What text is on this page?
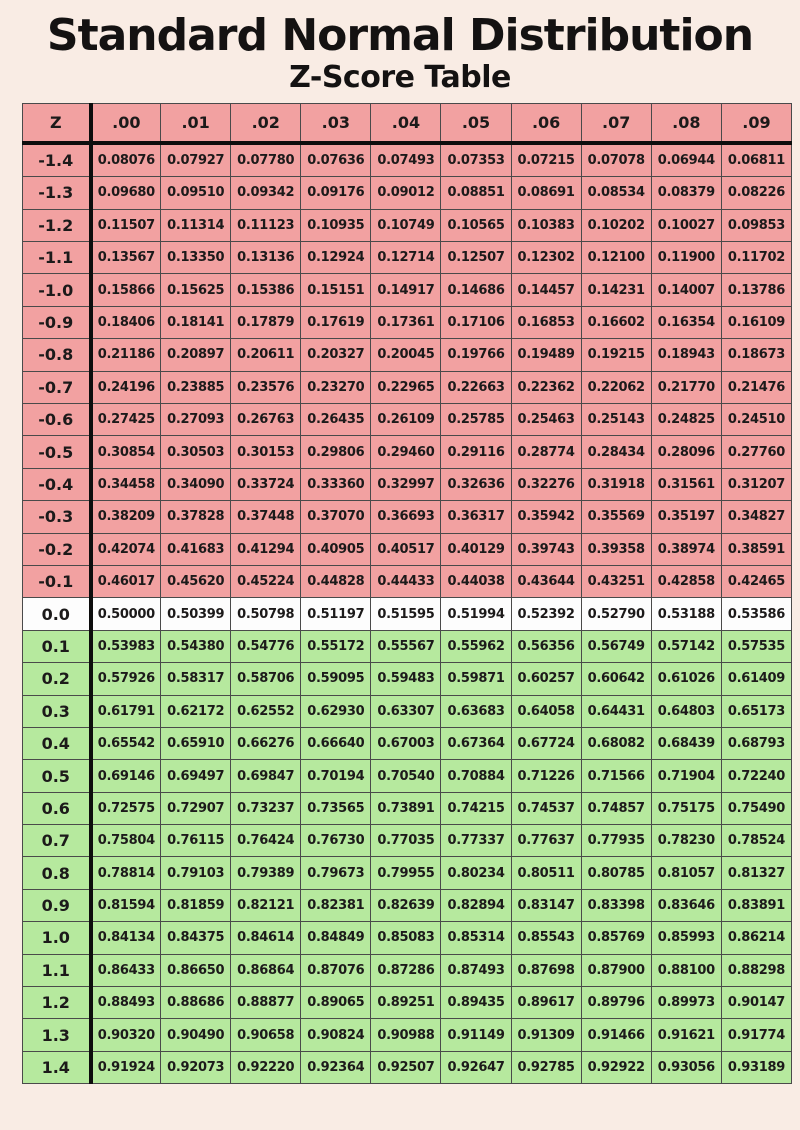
Standard Normal Distribution
Z-Score Table
Z	.00	.01	.02	.03	.04	.05	.06	.07	.08	.09
-1.4	0.08076	0.07927	0.07780	0.07636	0.07493	0.07353	0.07215	0.07078	0.06944	0.06811
-1.3	0.09680	0.09510	0.09342	0.09176	0.09012	0.08851	0.08691	0.08534	0.08379	0.08226
-1.2	0.11507	0.11314	0.11123	0.10935	0.10749	0.10565	0.10383	0.10202	0.10027	0.09853
-1.1	0.13567	0.13350	0.13136	0.12924	0.12714	0.12507	0.12302	0.12100	0.11900	0.11702
-1.0	0.15866	0.15625	0.15386	0.15151	0.14917	0.14686	0.14457	0.14231	0.14007	0.13786
-0.9	0.18406	0.18141	0.17879	0.17619	0.17361	0.17106	0.16853	0.16602	0.16354	0.16109
-0.8	0.21186	0.20897	0.20611	0.20327	0.20045	0.19766	0.19489	0.19215	0.18943	0.18673
-0.7	0.24196	0.23885	0.23576	0.23270	0.22965	0.22663	0.22362	0.22062	0.21770	0.21476
-0.6	0.27425	0.27093	0.26763	0.26435	0.26109	0.25785	0.25463	0.25143	0.24825	0.24510
-0.5	0.30854	0.30503	0.30153	0.29806	0.29460	0.29116	0.28774	0.28434	0.28096	0.27760
-0.4	0.34458	0.34090	0.33724	0.33360	0.32997	0.32636	0.32276	0.31918	0.31561	0.31207
-0.3	0.38209	0.37828	0.37448	0.37070	0.36693	0.36317	0.35942	0.35569	0.35197	0.34827
-0.2	0.42074	0.41683	0.41294	0.40905	0.40517	0.40129	0.39743	0.39358	0.38974	0.38591
-0.1	0.46017	0.45620	0.45224	0.44828	0.44433	0.44038	0.43644	0.43251	0.42858	0.42465
0.0	0.50000	0.50399	0.50798	0.51197	0.51595	0.51994	0.52392	0.52790	0.53188	0.53586
0.1	0.53983	0.54380	0.54776	0.55172	0.55567	0.55962	0.56356	0.56749	0.57142	0.57535
0.2	0.57926	0.58317	0.58706	0.59095	0.59483	0.59871	0.60257	0.60642	0.61026	0.61409
0.3	0.61791	0.62172	0.62552	0.62930	0.63307	0.63683	0.64058	0.64431	0.64803	0.65173
0.4	0.65542	0.65910	0.66276	0.66640	0.67003	0.67364	0.67724	0.68082	0.68439	0.68793
0.5	0.69146	0.69497	0.69847	0.70194	0.70540	0.70884	0.71226	0.71566	0.71904	0.72240
0.6	0.72575	0.72907	0.73237	0.73565	0.73891	0.74215	0.74537	0.74857	0.75175	0.75490
0.7	0.75804	0.76115	0.76424	0.76730	0.77035	0.77337	0.77637	0.77935	0.78230	0.78524
0.8	0.78814	0.79103	0.79389	0.79673	0.79955	0.80234	0.80511	0.80785	0.81057	0.81327
0.9	0.81594	0.81859	0.82121	0.82381	0.82639	0.82894	0.83147	0.83398	0.83646	0.83891
1.0	0.84134	0.84375	0.84614	0.84849	0.85083	0.85314	0.85543	0.85769	0.85993	0.86214
1.1	0.86433	0.86650	0.86864	0.87076	0.87286	0.87493	0.87698	0.87900	0.88100	0.88298
1.2	0.88493	0.88686	0.88877	0.89065	0.89251	0.89435	0.89617	0.89796	0.89973	0.90147
1.3	0.90320	0.90490	0.90658	0.90824	0.90988	0.91149	0.91309	0.91466	0.91621	0.91774
1.4	0.91924	0.92073	0.92220	0.92364	0.92507	0.92647	0.92785	0.92922	0.93056	0.93189
